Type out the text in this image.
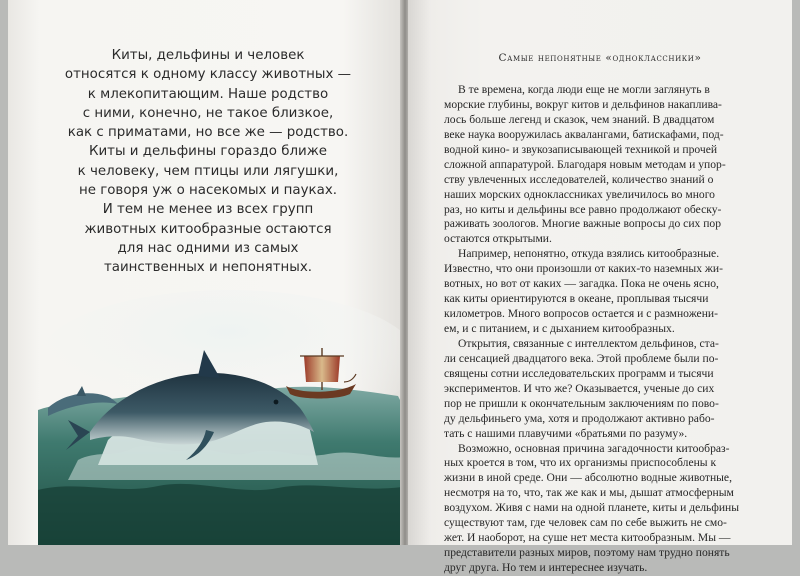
Киты, дельфины и человек
относятся к одному классу животных —
к млекопитающим. Наше родство
с ними, конечно, не такое близкое,
как с приматами, но все же — родство.
Киты и дельфины гораздо ближе
к человеку, чем птицы или лягушки,
не говоря уж о насекомых и пауках.
И тем не менее из всех групп
животных китообразные остаются
для нас одними из самых
таинственных и непонятных.
Самые непонятные «одноклассники»
В те времена, когда люди еще не могли заглянуть в
морские глубины, вокруг китов и дельфинов накаплива-
лось больше легенд и сказок, чем знаний. В двадцатом
веке наука вооружилась аквалангами, батискафами, под-
водной кино- и звукозаписывающей техникой и прочей
сложной аппаратурой. Благодаря новым методам и упор-
ству увлеченных исследователей, количество знаний о
наших морских одноклассниках увеличилось во много
раз, но киты и дельфины все равно продолжают обеску-
раживать зоологов. Многие важные вопросы до сих пор
остаются открытыми.
Например, непонятно, откуда взялись китообразные.
Известно, что они произошли от каких-то наземных жи-
вотных, но вот от каких — загадка. Пока не очень ясно,
как киты ориентируются в океане, проплывая тысячи
километров. Много вопросов остается и с размножени-
ем, и с питанием, и с дыханием китообразных.
Открытия, связанные с интеллектом дельфинов, ста-
ли сенсацией двадцатого века. Этой проблеме были по-
священы сотни исследовательских программ и тысячи
экспериментов. И что же? Оказывается, ученые до сих
пор не пришли к окончательным заключениям по пово-
ду дельфиньего ума, хотя и продолжают активно рабо-
тать с нашими плавучими «братьями по разуму».
Возможно, основная причина загадочности китообраз-
ных кроется в том, что их организмы приспособлены к
жизни в иной среде. Они — абсолютно водные животные,
несмотря на то, что, так же как и мы, дышат атмосферным
воздухом. Живя с нами на одной планете, киты и дельфины
существуют там, где человек сам по себе выжить не смо-
жет. И наоборот, на суше нет места китообразным. Мы —
представители разных миров, поэтому нам трудно понять
друг друга. Но тем и интереснее изучать.
